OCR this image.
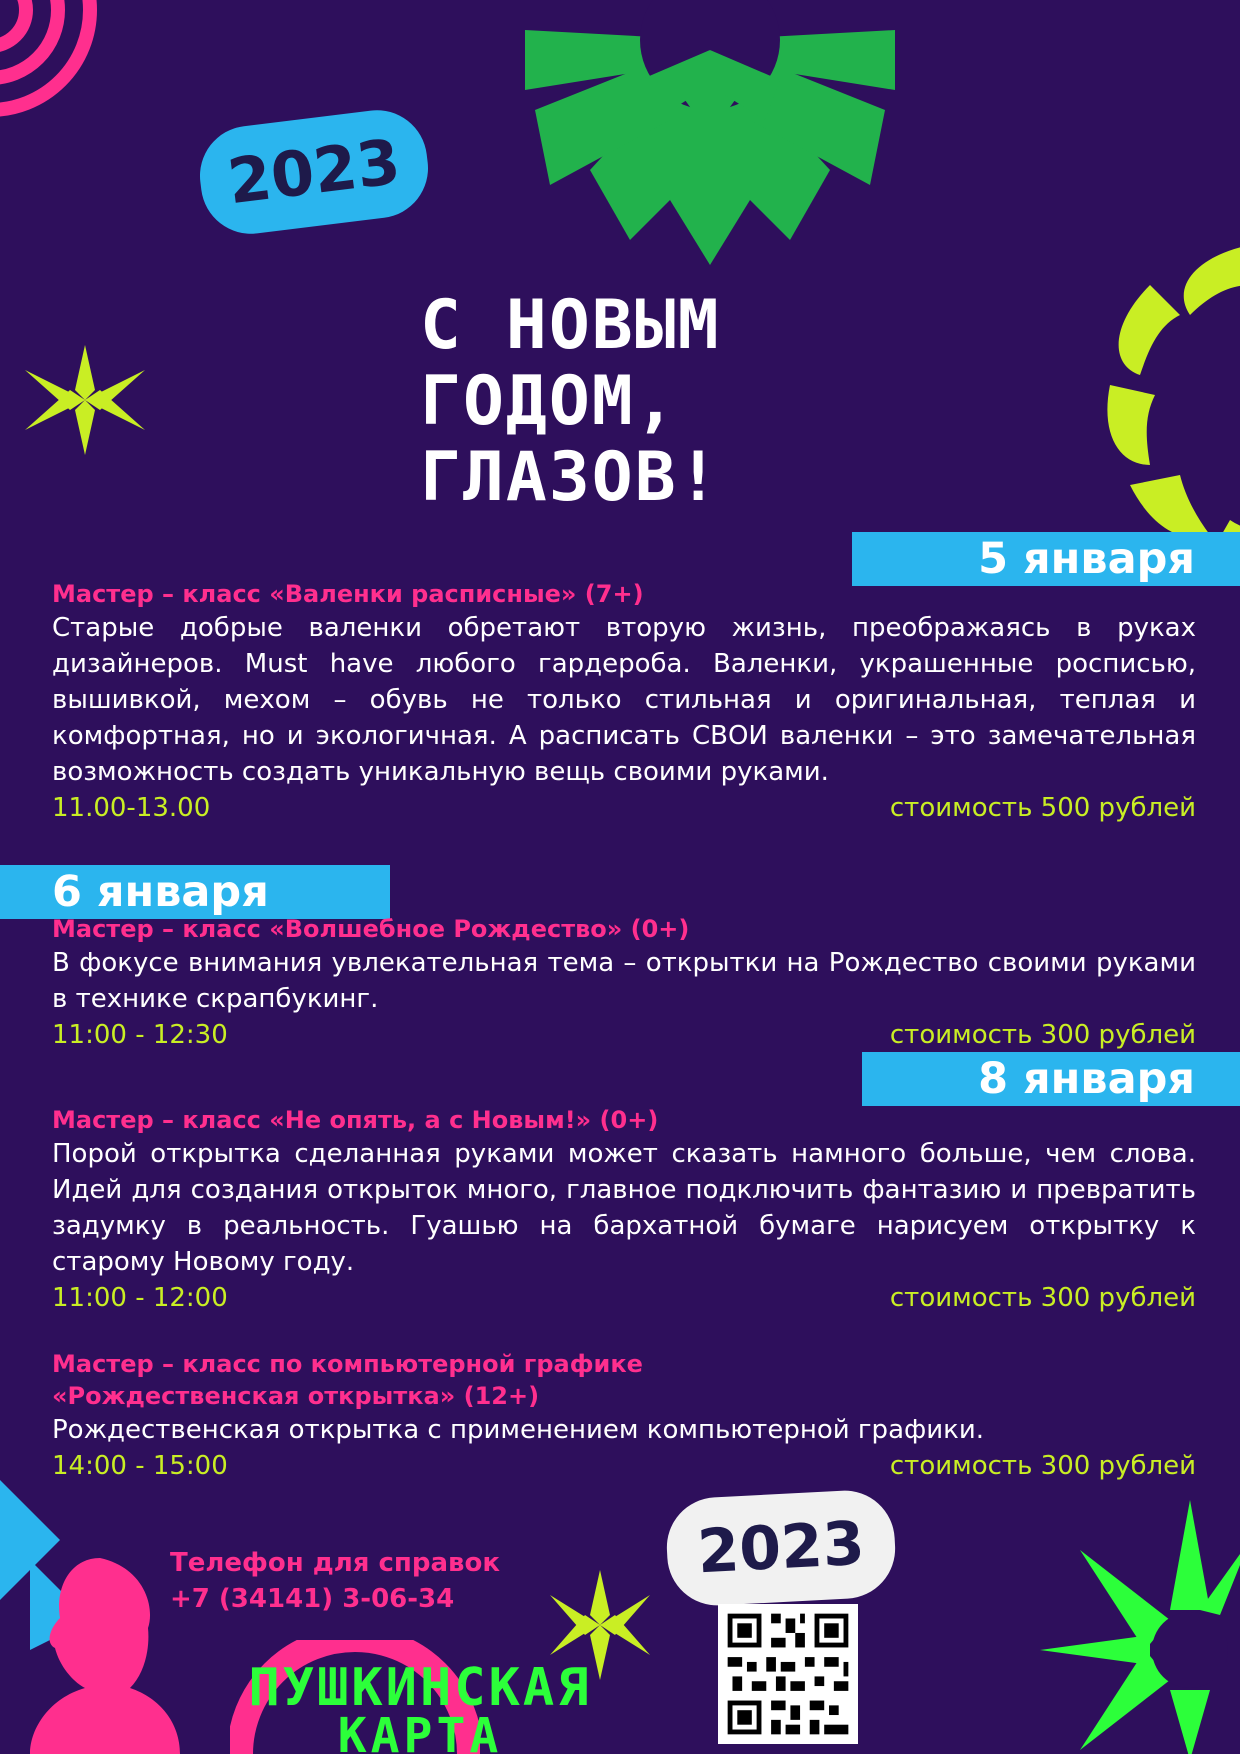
2023
С НОВЫМ
ГОДОМ,
ГЛАЗОВ!
5 января

Мастер – класс «Валенки расписные» (7+)

Старые добрые валенки обретают вторую жизнь, преображаясь в руках дизайнеров. Must have любого гардероба. Валенки, украшенные росписью, вышивкой, мехом – обувь не только стильная и оригинальная, теплая и комфортная, но и экологичная. А расписать СВОИ валенки – это замечательная возможность создать уникальную вещь своими руками.

11.00-13.00	стоимость 500 рублей
6 января

Мастер – класс «Волшебное Рождество» (0+)

В фокусе внимания увлекательная тема – открытки на Рождество своими руками в технике скрапбукинг.

11:00 - 12:30	стоимость 300 рублей
8 января

Мастер – класс «Не опять, а с Новым!» (0+)

Порой открытка сделанная руками может сказать намного больше, чем слова. Идей для создания открыток много, главное подключить фантазию и превратить задумку в реальность. Гуашью на бархатной бумаге нарисуем открытку к старому Новому году.

11:00 - 12:00	стоимость 300 рублей

Мастер – класс по компьютерной графике

«Рождественская открытка» (12+)

Рождественская открытка с применением компьютерной графики.

14:00 - 15:00	стоимость 300 рублей
Телефон для справок
+7 (34141) 3-06-34
2023
ПУШКИНСКАЯ
КАРТА
